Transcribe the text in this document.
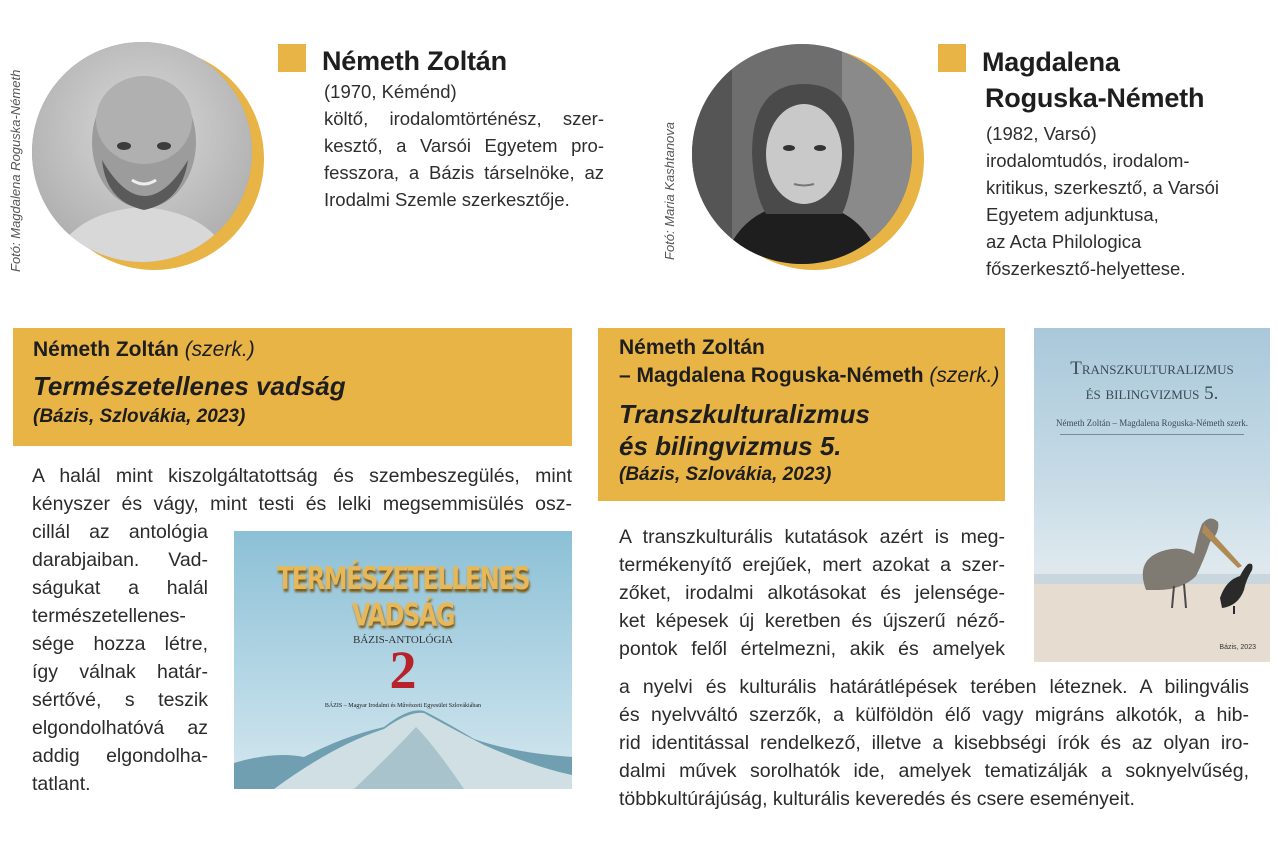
Fotó: Magdalena Roguska-Németh
Németh Zoltán
(1970, Kéménd)
költő, irodalomtörténész, szer-
kesztő, a Varsói Egyetem pro-
fesszora, a Bázis társelnöke, az
Irodalmi Szemle szerkesztője.	Fotó: Maria Kashtanova
Magdalena
Roguska-Németh
(1982, Varsó)
irodalomtudós, irodalom-
kritikus, szerkesztő, a Varsói
Egyetem adjunktusa,
az Acta Philologica
főszerkesztő-helyettese.
Németh Zoltán (szerk.)
Természetellenes vadság
(Bázis, Szlovákia, 2023)
A halál mint kiszolgáltatottság és szembeszegülés, mint
kényszer és vágy, mint testi és lelki megsemmisülés osz-
cillál az antológia
darabjaiban. Vad-
ságukat a halál
természetellenes-
sége hozza létre,
így válnak határ-
sértővé, s teszik
elgondolhatóvá az
addig elgondolha-
tatlant.
TERMÉSZETELLENES VADSÁG
BÁZIS-ANTOLÓGIA
2
BÁZIS – Magyar Irodalmi és Művészeti Egyesület Szlovákiában
Németh Zoltán
– Magdalena Roguska-Németh (szerk.)
Transzkulturalizmus
és bilingvizmus 5.
(Bázis, Szlovákia, 2023)
A transzkulturális kutatások azért is meg-
termékenyítő erejűek, mert azokat a szer-
zőket, irodalmi alkotásokat és jelensége-
ket képesek új keretben és újszerű néző-
pontok felől értelmezni, akik és amelyek
a nyelvi és kulturális határátlépések terében léteznek. A bilingvális
és nyelvváltó szerzők, a külföldön élő vagy migráns alkotók, a hib-
rid identitással rendelkező, illetve a kisebbségi írók és az olyan iro-
dalmi művek sorolhatók ide, amelyek tematizálják a soknyelvűség,
többkultúrájúság, kulturális keveredés és csere eseményeit.
Transzkulturalizmus
és bilingvizmus 5.
Németh Zoltán – Magdalena Roguska-Németh szerk.
Bázis, 2023
